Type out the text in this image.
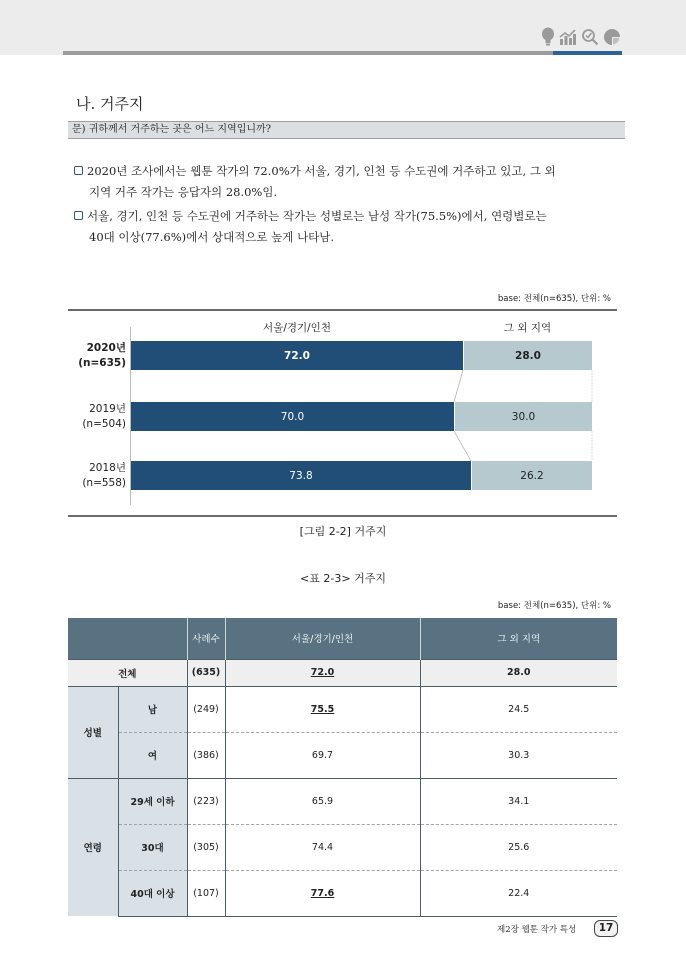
나. 거주지
문) 귀하께서 거주하는 곳은 어느 지역입니까?
2020년 조사에서는 웹툰 작가의 72.0%가 서울, 경기, 인천 등 수도권에 거주하고 있고, 그 외
지역 거주 작가는 응답자의 28.0%임.
서울, 경기, 인천 등 수도권에 거주하는 작가는 성별로는 남성 작가(75.5%)에서, 연령별로는
40대 이상(77.6%)에서 상대적으로 높게 나타남.
base: 전체(n=635), 단위: %
서울/경기/인천	그 외 지역
2020년
(n=635)
72.0	28.0
2019년
(n=504)
70.0	30.0
2018년
(n=558)
73.8	26.2
[그림 2-2] 거주지
<표 2-3> 거주지
base: 전체(n=635), 단위: %
		사례수	서울/경기/인천	그 외 지역
전체		(635)	72.0	28.0
성별	남	(249)	75.5	24.5
	여	(386)	69.7	30.3
연령	29세 이하	(223)	65.9	34.1
	30대	(305)	74.4	25.6
	40대 이상	(107)	77.6	22.4
제2장 웹툰 작가 특성	17
